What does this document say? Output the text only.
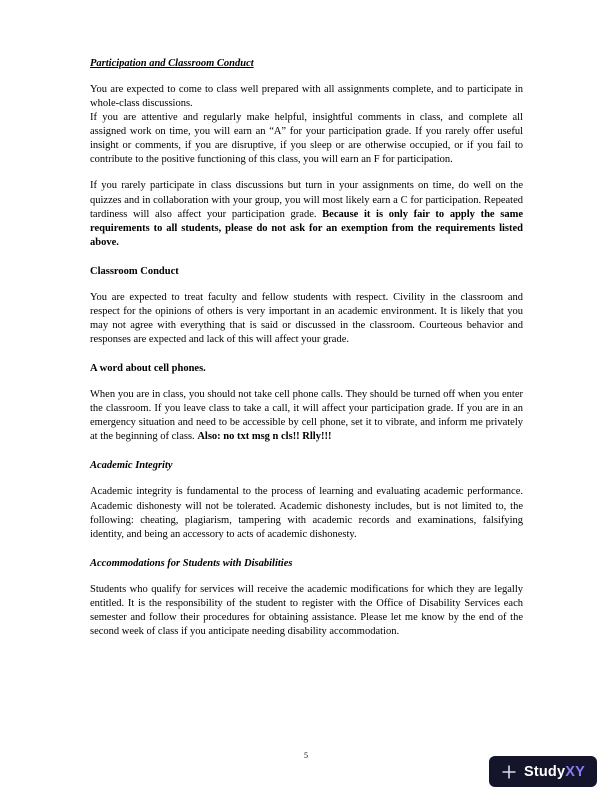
Participation and Classroom Conduct

You are expected to come to class well prepared with all assignments complete, and to participate in whole-class discussions.

If you are attentive and regularly make helpful, insightful comments in class, and complete all assigned work on time, you will earn an “A” for your participation grade. If you rarely offer useful insight or comments, if you are disruptive, if you sleep or are otherwise occupied, or if you fail to contribute to the positive functioning of this class, you will earn an F for participation.

If you rarely participate in class discussions but turn in your assignments on time, do well on the quizzes and in collaboration with your group, you will most likely earn a C for participation. Repeated tardiness will also affect your participation grade. Because it is only fair to apply the same requirements to all students, please do not ask for an exemption from the requirements listed above.

Classroom Conduct

You are expected to treat faculty and fellow students with respect. Civility in the classroom and respect for the opinions of others is very important in an academic environment. It is likely that you may not agree with everything that is said or discussed in the classroom. Courteous behavior and responses are expected and lack of this will affect your grade.

A word about cell phones.

When you are in class, you should not take cell phone calls. They should be turned off when you enter the classroom. If you leave class to take a call, it will affect your participation grade. If you are in an emergency situation and need to be accessible by cell phone, set it to vibrate, and inform me privately at the beginning of class. Also: no txt msg n cls!! Rlly!!!

Academic Integrity

Academic integrity is fundamental to the process of learning and evaluating academic performance. Academic dishonesty will not be tolerated. Academic dishonesty includes, but is not limited to, the following: cheating, plagiarism, tampering with academic records and examinations, falsifying identity, and being an accessory to acts of academic dishonesty.

Accommodations for Students with Disabilities

Students who qualify for services will receive the academic modifications for which they are legally entitled. It is the responsibility of the student to register with the Office of Disability Services each semester and follow their procedures for obtaining assistance. Please let me know by the end of the second week of class if you anticipate needing disability accommodation.

5
StudyXY
